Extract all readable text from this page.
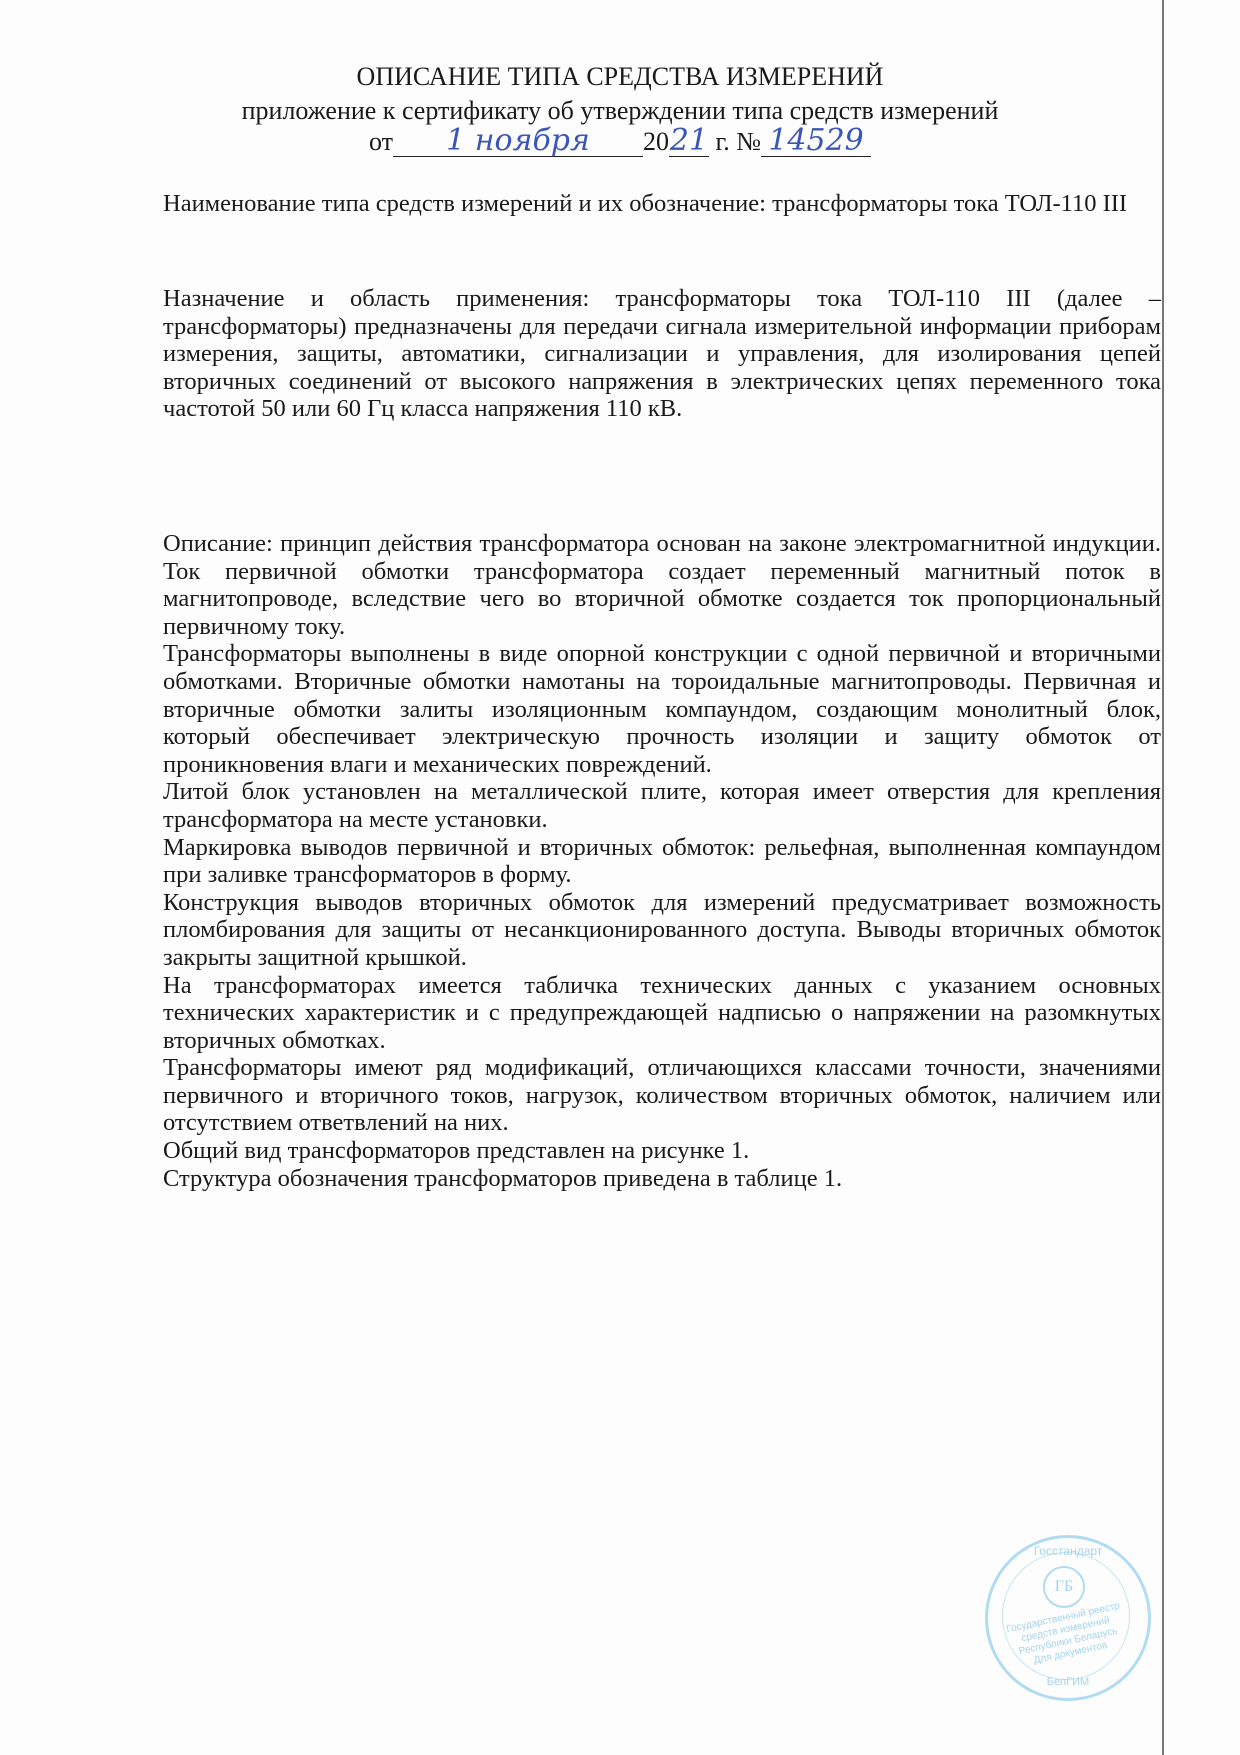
ОПИСАНИЕ ТИПА СРЕДСТВА ИЗМЕРЕНИЙ
приложение к сертификату об утверждении типа средств измерений
от 1 ноября 2021 г. № 14529

Наименование типа средств измерений и их обозначение: трансформаторы тока ТОЛ-110 III

Назначение и область применения: трансформаторы тока ТОЛ-110 III (далее – трансформаторы) предназначены для передачи сигнала измерительной информации приборам измерения, защиты, автоматики, сигнализации и управления, для изолирования цепей вторичных соединений от высокого напряжения в электрических цепях переменного тока частотой 50 или 60 Гц класса напряжения 110 кВ.

Описание: принцип действия трансформатора основан на законе электромагнитной индукции. Ток первичной обмотки трансформатора создает переменный магнитный поток в магнитопроводе, вследствие чего во вторичной обмотке создается ток пропорциональный первичному току.

Трансформаторы выполнены в виде опорной конструкции с одной первичной и вторичными обмотками. Вторичные обмотки намотаны на тороидальные магнитопроводы. Первичная и вторичные обмотки залиты изоляционным компаундом, создающим монолитный блок, который обеспечивает электрическую прочность изоляции и защиту обмоток от проникновения влаги и механических повреждений.

Литой блок установлен на металлической плите, которая имеет отверстия для крепления трансформатора на месте установки.

Маркировка выводов первичной и вторичных обмоток: рельефная, выполненная компаундом при заливке трансформаторов в форму.

Конструкция выводов вторичных обмоток для измерений предусматривает возможность пломбирования для защиты от несанкционированного доступа. Выводы вторичных обмоток закрыты защитной крышкой.

На трансформаторах имеется табличка технических данных с указанием основных технических характеристик и с предупреждающей надписью о напряжении на разомкнутых вторичных обмотках.

Трансформаторы имеют ряд модификаций, отличающихся классами точности, значениями первичного и вторичного токов, нагрузок, количеством вторичных обмоток, наличием или отсутствием ответвлений на них.

Общий вид трансформаторов представлен на рисунке 1.

Структура обозначения трансформаторов приведена в таблице 1.

Госстандарт
ГБ
Государственный реестр средств измерений Республики Беларусь Для документов
БелГИМ
